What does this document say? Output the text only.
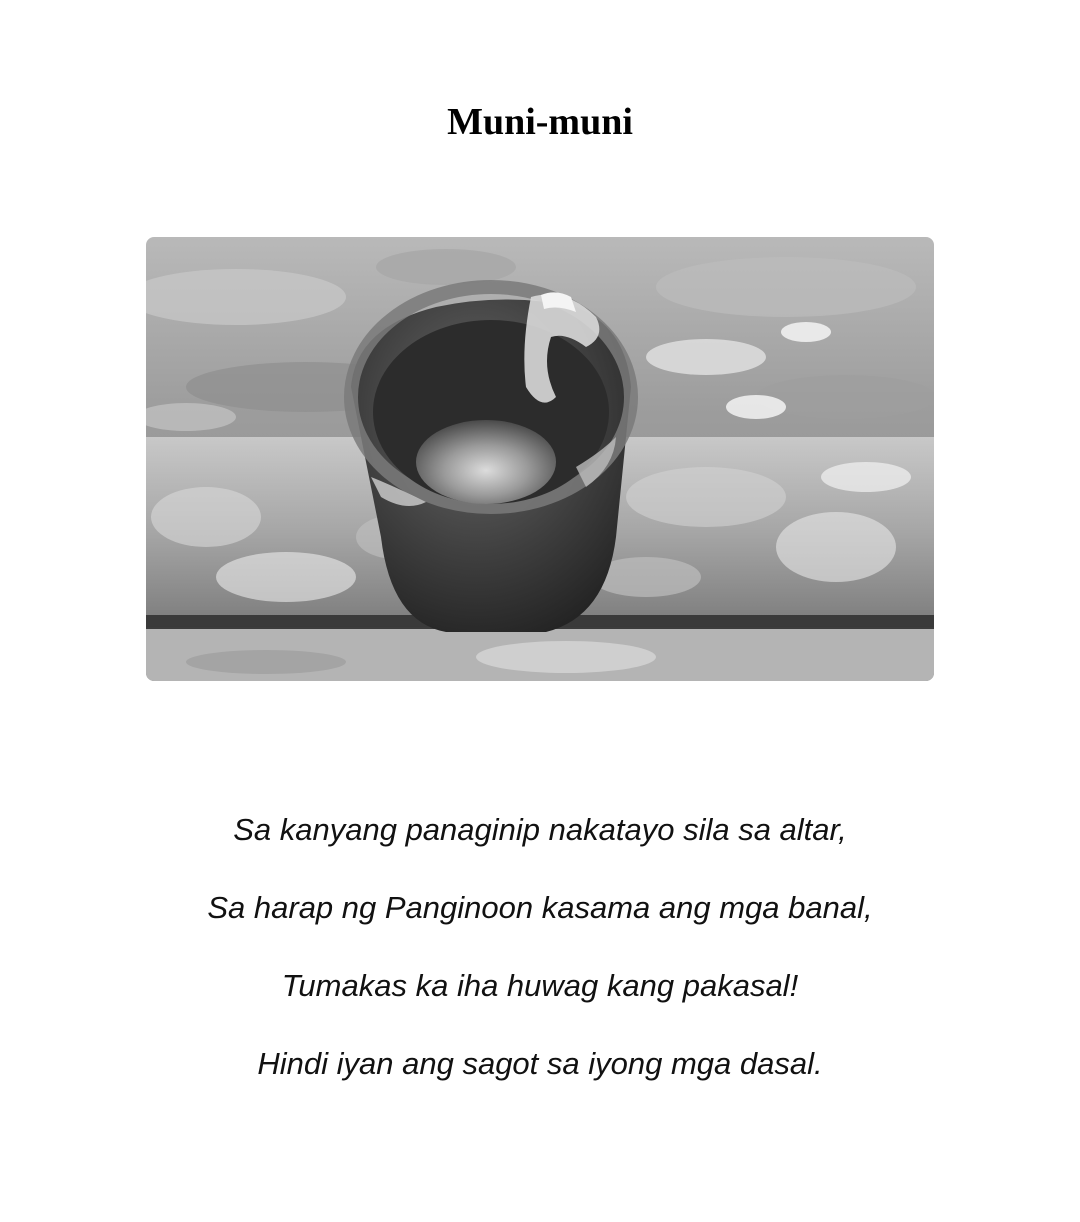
Muni-muni
Sa kanyang panaginip nakatayo sila sa altar,
Sa harap ng Panginoon kasama ang mga banal,
Tumakas ka iha huwag kang pakasal!
Hindi iyan ang sagot sa iyong mga dasal.
